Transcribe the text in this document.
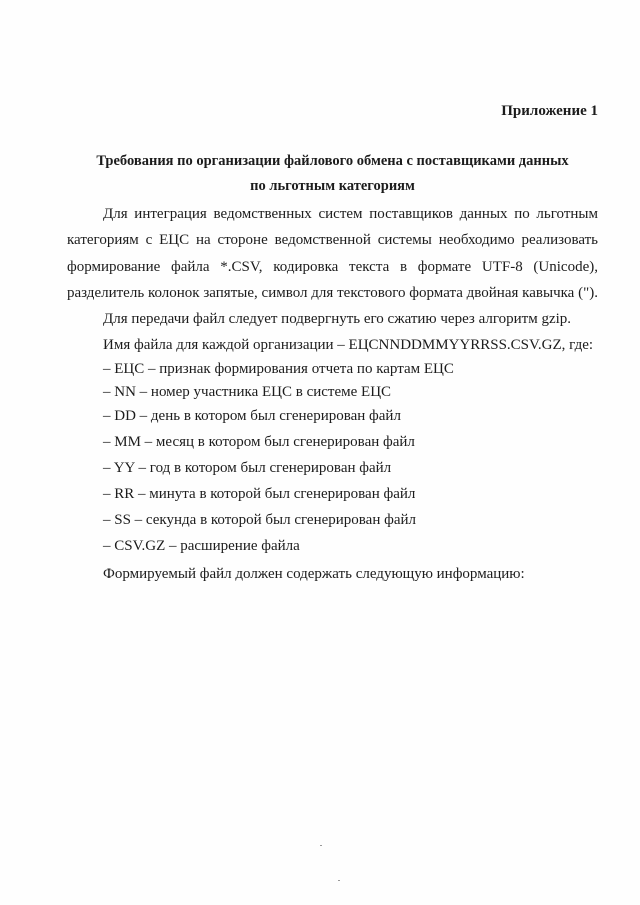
Приложение 1
Требования по организации файлового обмена с поставщиками данных
по льготным категориям
Для интеграция ведомственных систем поставщиков данных по льготным
категориям с ЕЦС на стороне ведомственной системы необходимо реализовать
формирование файла *.CSV, кодировка текста в формате UTF-8 (Unicode),
разделитель колонок запятые, символ для текстового формата двойная кавычка (").
Для передачи файл следует подвергнуть его сжатию через алгоритм gzip.
Имя файла для каждой организации – ЕЦСNNDDMMYYRRSS.CSV.GZ, где:
– ЕЦС – признак формирования отчета по картам ЕЦС
– NN – номер участника ЕЦС в системе ЕЦС
– DD – день в котором был сгенерирован файл
– MM – месяц в котором был сгенерирован файл
– YY – год в котором был сгенерирован файл
– RR – минута в которой был сгенерирован файл
– SS – секунда в которой был сгенерирован файл
– CSV.GZ – расширение файла
Формируемый файл должен содержать следующую информацию:
